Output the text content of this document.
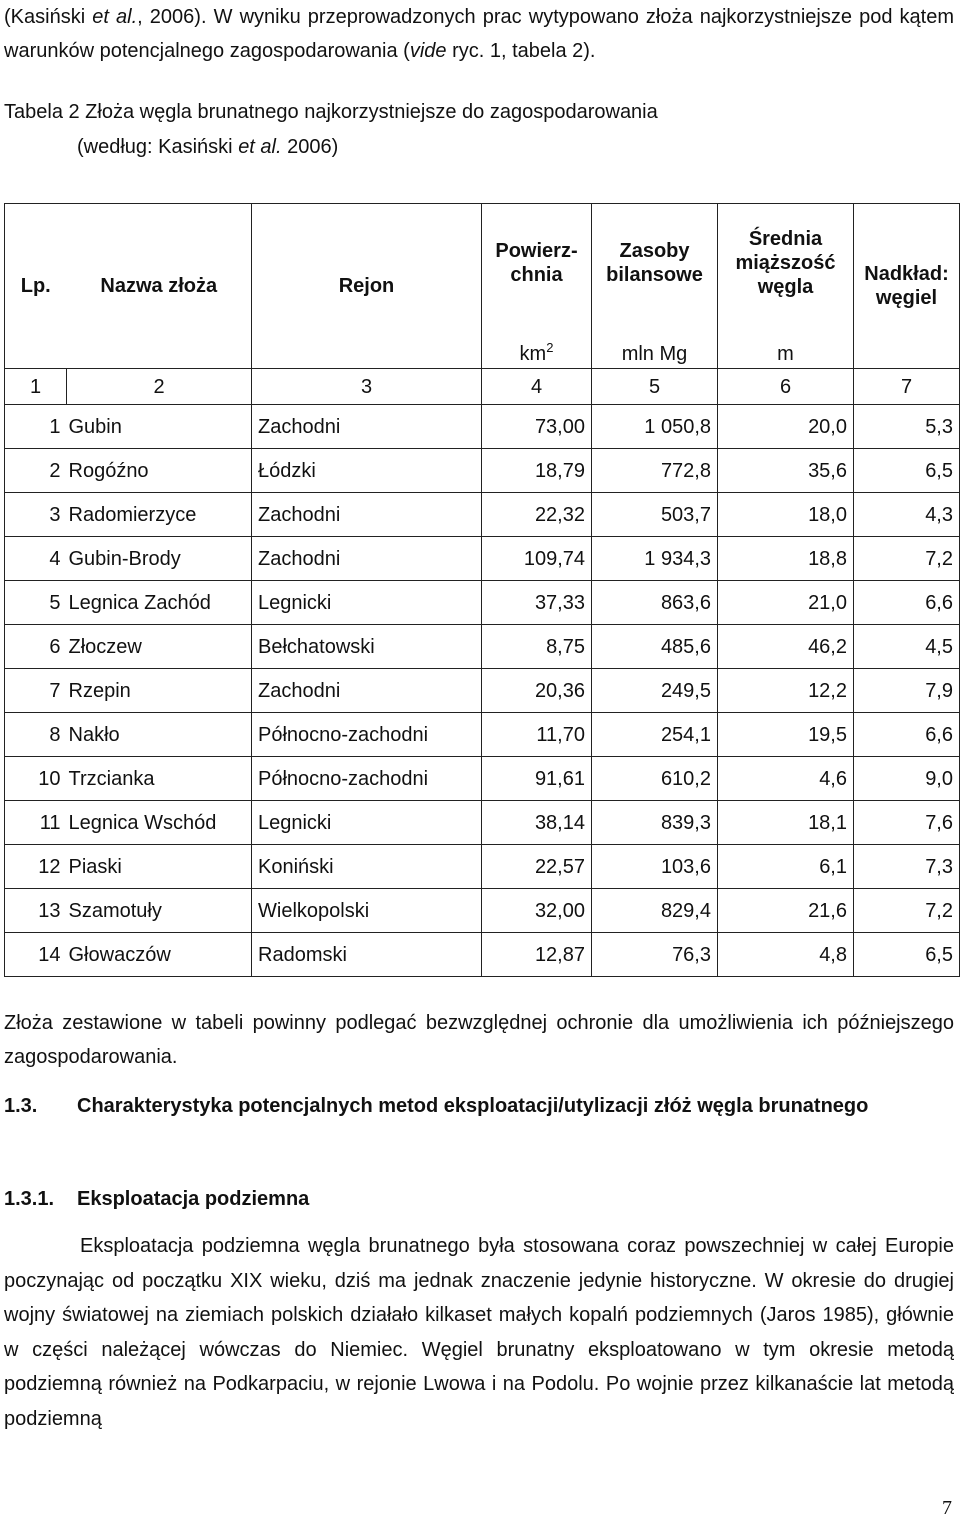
(Kasiński et al., 2006). W wyniku przeprowadzonych prac wytypowano złoża najkorzystniejsze pod kątem warunków potencjalnego zagospodarowania (vide ryc. 1, tabela 2).

Tabela 2 Złoża węgla brunatnego najkorzystniejsze do zagospodarowania
(według: Kasiński et al. 2006)
Lp.	Nazwa złoża	Rejon	Powierz-chnia	Zasoby bilansowe	Średnia miąższość węgla	Nadkład: węgiel
			$km^2$	mln Mg	m	
1	2	3	4	5	6	7
1	Gubin	Zachodni	73,00	1 050,8	20,0	5,3
2	Rogóźno	Łódzki	18,79	772,8	35,6	6,5
3	Radomierzyce	Zachodni	22,32	503,7	18,0	4,3
4	Gubin-Brody	Zachodni	109,74	1 934,3	18,8	7,2
5	Legnica Zachód	Legnicki	37,33	863,6	21,0	6,6
6	Złoczew	Bełchatowski	8,75	485,6	46,2	4,5
7	Rzepin	Zachodni	20,36	249,5	12,2	7,9
8	Nakło	Północno-zachodni	11,70	254,1	19,5	6,6
10	Trzcianka	Północno-zachodni	91,61	610,2	4,6	9,0
11	Legnica Wschód	Legnicki	38,14	839,3	18,1	7,6
12	Piaski	Koniński	22,57	103,6	6,1	7,3
13	Szamotuły	Wielkopolski	32,00	829,4	21,6	7,2
14	Głowaczów	Radomski	12,87	76,3	4,8	6,5

Złoża zestawione w tabeli powinny podlegać bezwzględnej ochronie dla umożliwienia ich późniejszego zagospodarowania.

1.3. Charakterystyka potencjalnych metod eksploatacji/utylizacji złóż węgla brunatnego
1.3.1. Eksploatacja podziemna

Eksploatacja podziemna węgla brunatnego była stosowana coraz powszechniej w całej Europie poczynając od początku XIX wieku, dziś ma jednak znaczenie jedynie historyczne. W okresie do drugiej wojny światowej na ziemiach polskich działało kilkaset małych kopalń podziemnych (Jaros 1985), głównie w części należącej wówczas do Niemiec. Węgiel brunatny eksploatowano w tym okresie metodą podziemną również na Podkarpaciu, w rejonie Lwowa i na Podolu. Po wojnie przez kilkanaście lat metodą podziemną

7
